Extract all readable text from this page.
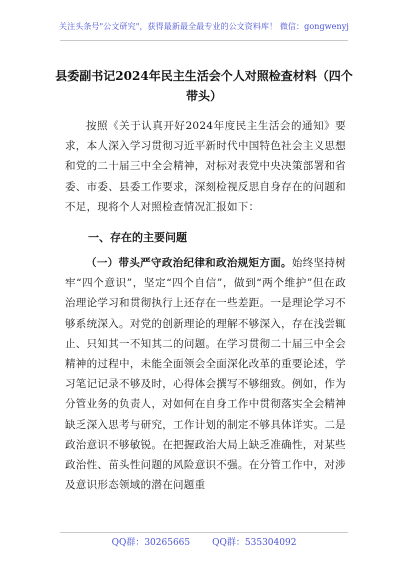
关注头条号"公文研究"，获得最新最全最专业的公文资料库！ 微信：gongwenyj
县委副书记2024年民主生活会个人对照检查材料（四个带头）

按照《关于认真开好2024年度民主生活会的通知》要求，本人深入学习贯彻习近平新时代中国特色社会主义思想和党的二十届三中全会精神，对标对表党中央决策部署和省委、市委、县委工作要求，深刻检视反思自身存在的问题和不足，现将个人对照检查情况汇报如下：

一、存在的主要问题

（一）带头严守政治纪律和政治规矩方面。始终坚持树牢“四个意识”，坚定“四个自信”，做到“两个维护”但在政治理论学习和贯彻执行上还存在一些差距。一是理论学习不够系统深入。对党的创新理论的理解不够深入，存在浅尝辄止、只知其一不知其二的问题。在学习贯彻二十届三中全会精神的过程中，未能全面领会全面深化改革的重要论述，学习笔记记录不够及时，心得体会撰写不够细致。例如，作为分管业务的负责人，对如何在自身工作中贯彻落实全会精神缺乏深入思考与研究，工作计划的制定不够具体详实。二是政治意识不够敏锐。在把握政治大局上缺乏准确性，对某些政治性、苗头性问题的风险意识不强。在分管工作中，对涉及意识形态领域的潜在问题重

QQ群：30265665 QQ群：535304092
